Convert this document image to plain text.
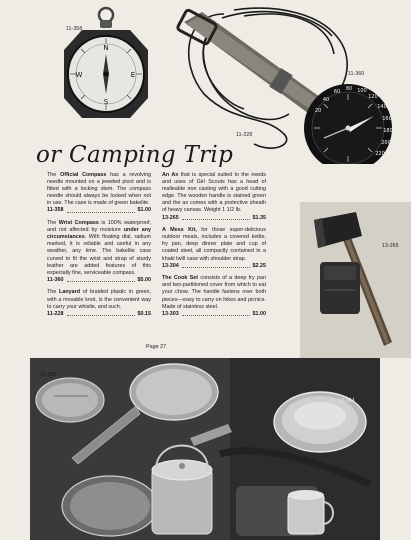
N
S
W	E
11-358
20
40
60 80 100
120
140
160
180
200
220
11-360
11-228
or Camping Trip

The Official Compass has a revolving needle mounted on a jeweled pivot and is fitted with a locking stem. The compass needle should always be locked when not in use. The case is made of green bakelite.
11-358	$1.00

The Wrist Compass is 100% waterproof, and not affected by moisture under any circumstances. With floating dial, radium marked, it is reliable and useful in any weather, any time. The bakelite case curved to fit the wrist and strap of sturdy leather are added features of this especially fine, serviceable compass.
11-360	$5.00

The Lanyard of braided plastic in green, with a movable knot, is the convenient way to carry your whistle, and such.
11-228	$0.15

An Ax that is special suited to the needs and uses of Girl Scouts has a head of malleable iron casting with a good cutting edge. The wooden handle is stained green and the ax comes with a protective sheath of heavy canvas. Weight 1 1/2 lb.
13-265	$1.35

A Mess Kit, for those super-delicious outdoor meals, includes a covered kettle, fry pan, deep dinner plate and cup of coated steel, all compactly contained in a khaki twill case with shoulder strap.
13-304	$2.25

The Cook Set consists of a deep fry pan and two-partitioned cover from which to eat your chow. The handle fastens over both pieces—easy to carry on hikes and picnics. Made of stainless steel.
13-303	$1.00

13-265
Page 27
13-303
13-304
